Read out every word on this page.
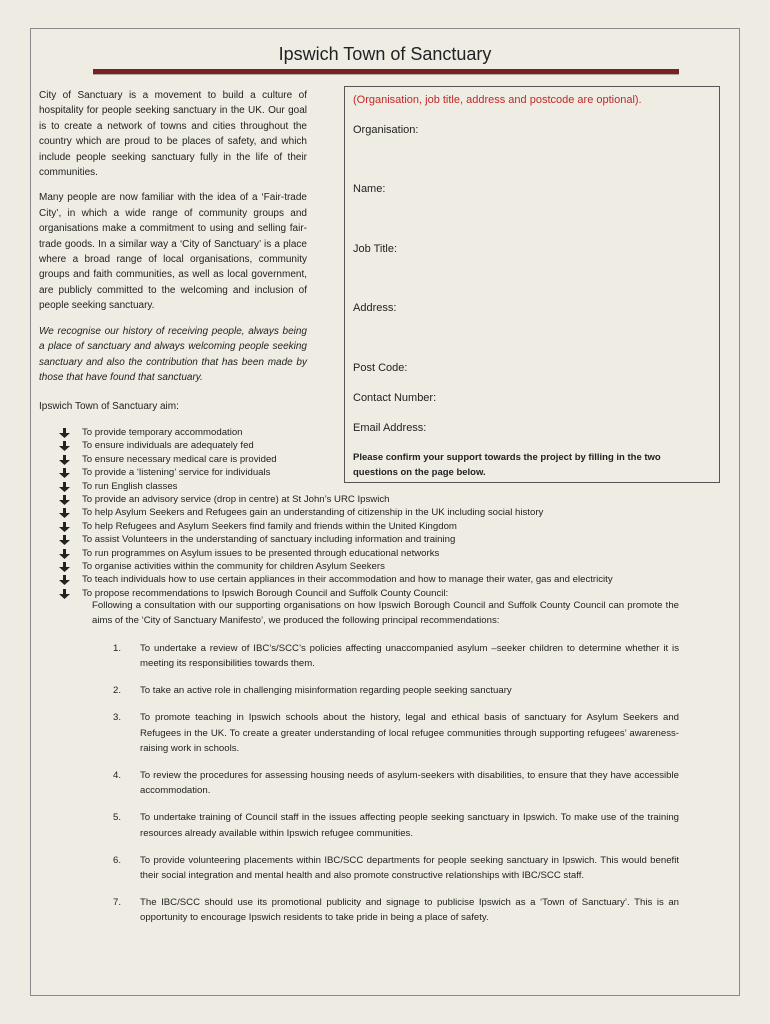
Ipswich Town of Sanctuary

City of Sanctuary is a movement to build a culture of hospitality for people seeking sanctuary in the UK. Our goal is to create a network of towns and cities throughout the country which are proud to be places of safety, and which include people seeking sanctuary fully in the life of their communities.

Many people are now familiar with the idea of a ‘Fair-trade City’, in which a wide range of community groups and organisations make a commitment to using and selling fair-trade goods. In a similar way a ‘City of Sanctuary’ is a place where a broad range of local organisations, community groups and faith communities, as well as local government, are publicly committed to the welcoming and inclusion of people seeking sanctuary.

We recognise our history of receiving people, always being a place of sanctuary and always welcoming people seeking sanctuary and also the contribution that has been made by those that have found that sanctuary.

Ipswich Town of Sanctuary aim:

(Organisation, job title, address and postcode are optional).
Organisation:
Name:
Job Title:
Address:
Post Code:
Contact Number:
Email Address:
Please confirm your support towards the project by filling in the two questions on the page below.
To provide temporary accommodation
To ensure individuals are adequately fed
To ensure necessary medical care is provided
To provide a ‘listening’ service for individuals
To run English classes
To provide an advisory service (drop in centre) at St John’s URC Ipswich
To help Asylum Seekers and Refugees gain an understanding of citizenship in the UK including social history
To help Refugees and Asylum Seekers find family and friends within the United Kingdom
To assist Volunteers in the understanding of sanctuary including information and training
To run programmes on Asylum issues to be presented through educational networks
To organise activities within the community for children Asylum Seekers
To teach individuals how to use certain appliances in their accommodation and how to manage their water, gas and electricity
To propose recommendations to Ipswich Borough Council and Suffolk County Council:
Following a consultation with our supporting organisations on how Ipswich Borough Council and Suffolk County Council can promote the aims of the ‘City of Sanctuary Manifesto’, we produced the following principal recommendations:
1. To undertake a review of IBC’s/SCC’s policies affecting unaccompanied asylum –seeker children to determine whether it is meeting its responsibilities towards them.
2. To take an active role in challenging misinformation regarding people seeking sanctuary
3. To promote teaching in Ipswich schools about the history, legal and ethical basis of sanctuary for Asylum Seekers and Refugees in the UK. To create a greater understanding of local refugee communities through supporting refugees’ awareness-raising work in schools.
4. To review the procedures for assessing housing needs of asylum-seekers with disabilities, to ensure that they have accessible accommodation.
5. To undertake training of Council staff in the issues affecting people seeking sanctuary in Ipswich. To make use of the training resources already available within Ipswich refugee communities.
6. To provide volunteering placements within IBC/SCC departments for people seeking sanctuary in Ipswich. This would benefit their social integration and mental health and also promote constructive relationships with IBC/SCC staff.
7. The IBC/SCC should use its promotional publicity and signage to publicise Ipswich as a ‘Town of Sanctuary’. This is an opportunity to encourage Ipswich residents to take pride in being a place of safety.
